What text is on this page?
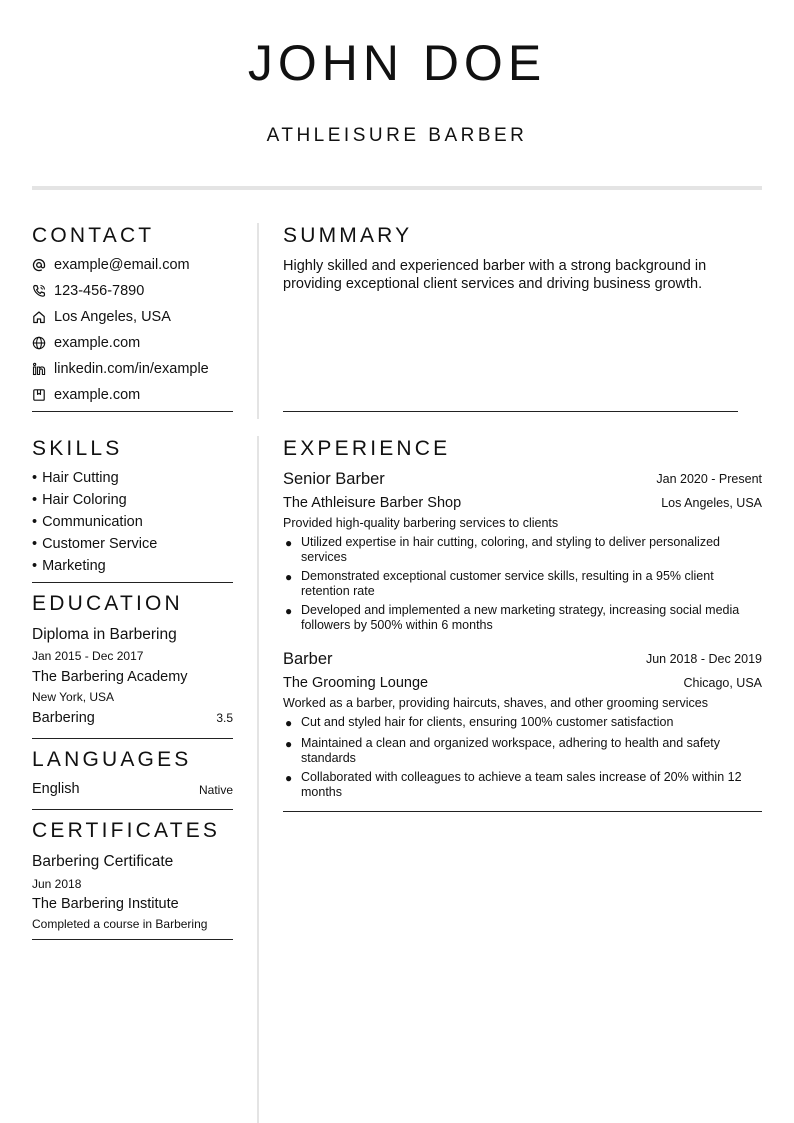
JOHN DOE
ATHLEISURE BARBER
CONTACT
example@email.com
123-456-7890
Los Angeles, USA
example.com
linkedin.com/in/example
example.com
SUMMARY
Highly skilled and experienced barber with a strong background in providing exceptional client services and driving business growth.
SKILLS
• Hair Cutting
• Hair Coloring
• Communication
• Customer Service
• Marketing
EDUCATION
Diploma in Barbering
Jan 2015 - Dec 2017
The Barbering Academy
New York, USA
Barbering	3.5
LANGUAGES
English	Native
CERTIFICATES
Barbering Certificate
Jun 2018
The Barbering Institute
Completed a course in Barbering
EXPERIENCE
Senior Barber	Jan 2020 - Present
The Athleisure Barber Shop	Los Angeles, USA
Provided high-quality barbering services to clients
● Utilized expertise in hair cutting, coloring, and styling to deliver personalized services
● Demonstrated exceptional customer service skills, resulting in a 95% client retention rate
● Developed and implemented a new marketing strategy, increasing social media followers by 500% within 6 months
Barber	Jun 2018 - Dec 2019
The Grooming Lounge	Chicago, USA
Worked as a barber, providing haircuts, shaves, and other grooming services
● Cut and styled hair for clients, ensuring 100% customer satisfaction
● Maintained a clean and organized workspace, adhering to health and safety standards
● Collaborated with colleagues to achieve a team sales increase of 20% within 12 months
